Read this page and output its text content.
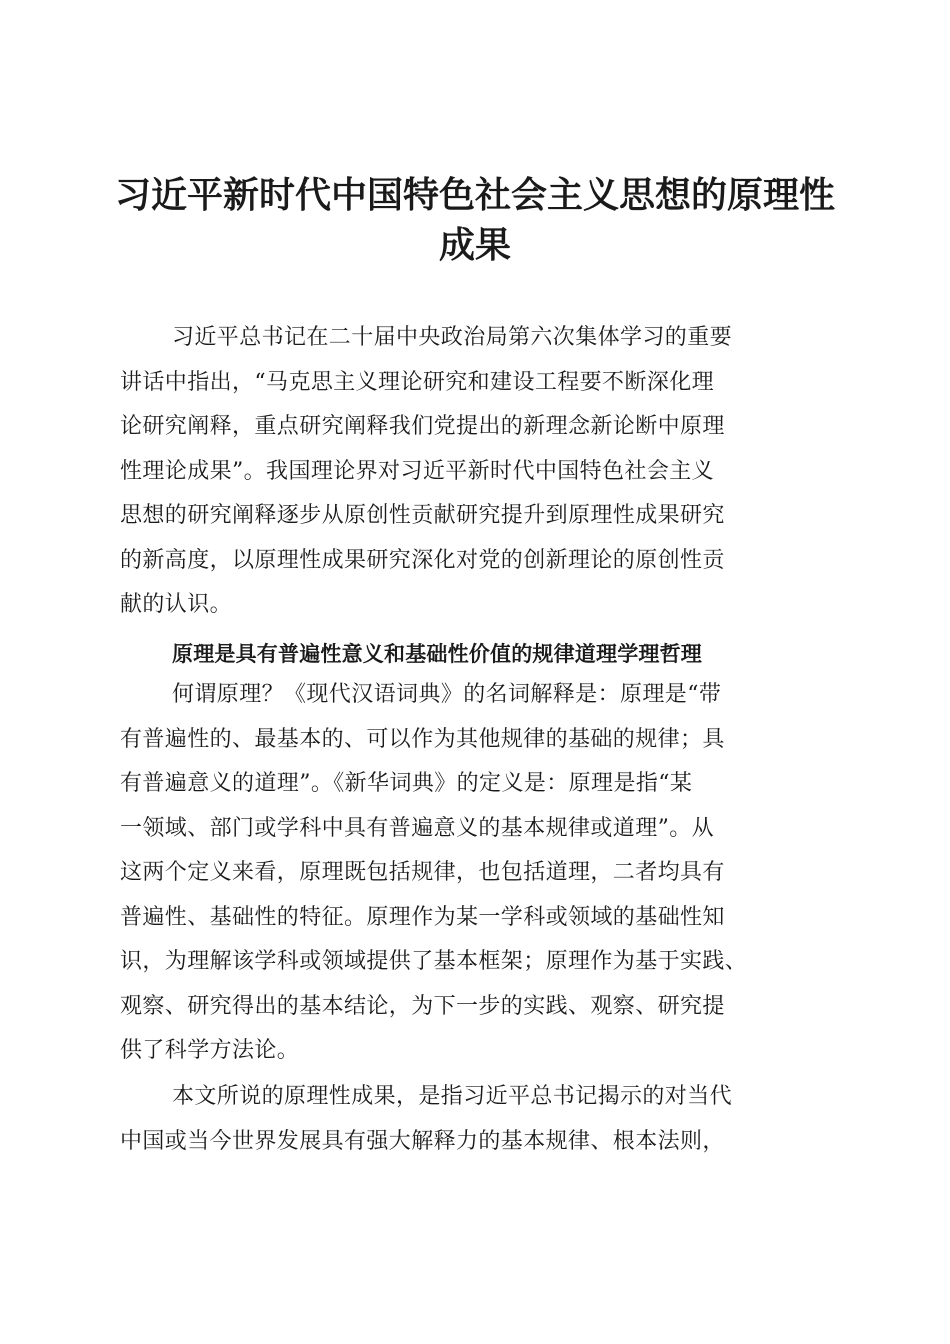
习近平新时代中国特色社会主义思想的原理性
成果
习近平总书记在二十届中央政治局第六次集体学习的重要
讲话中指出，“马克思主义理论研究和建设工程要不断深化理
论研究阐释，重点研究阐释我们党提出的新理念新论断中原理
性理论成果”。我国理论界对习近平新时代中国特色社会主义
思想的研究阐释逐步从原创性贡献研究提升到原理性成果研究
的新高度，以原理性成果研究深化对党的创新理论的原创性贡
献的认识。
原理是具有普遍性意义和基础性价值的规律道理学理哲理
何谓原理？《现代汉语词典》的名词解释是：原理是“带
有普遍性的、最基本的、可以作为其他规律的基础的规律；具
有普遍意义的道理”。《新华词典》的定义是：原理是指“某
一领域、部门或学科中具有普遍意义的基本规律或道理”。从
这两个定义来看，原理既包括规律，也包括道理，二者均具有
普遍性、基础性的特征。原理作为某一学科或领域的基础性知
识，为理解该学科或领域提供了基本框架；原理作为基于实践、
观察、研究得出的基本结论，为下一步的实践、观察、研究提
供了科学方法论。
本文所说的原理性成果，是指习近平总书记揭示的对当代
中国或当今世界发展具有强大解释力的基本规律、根本法则，
